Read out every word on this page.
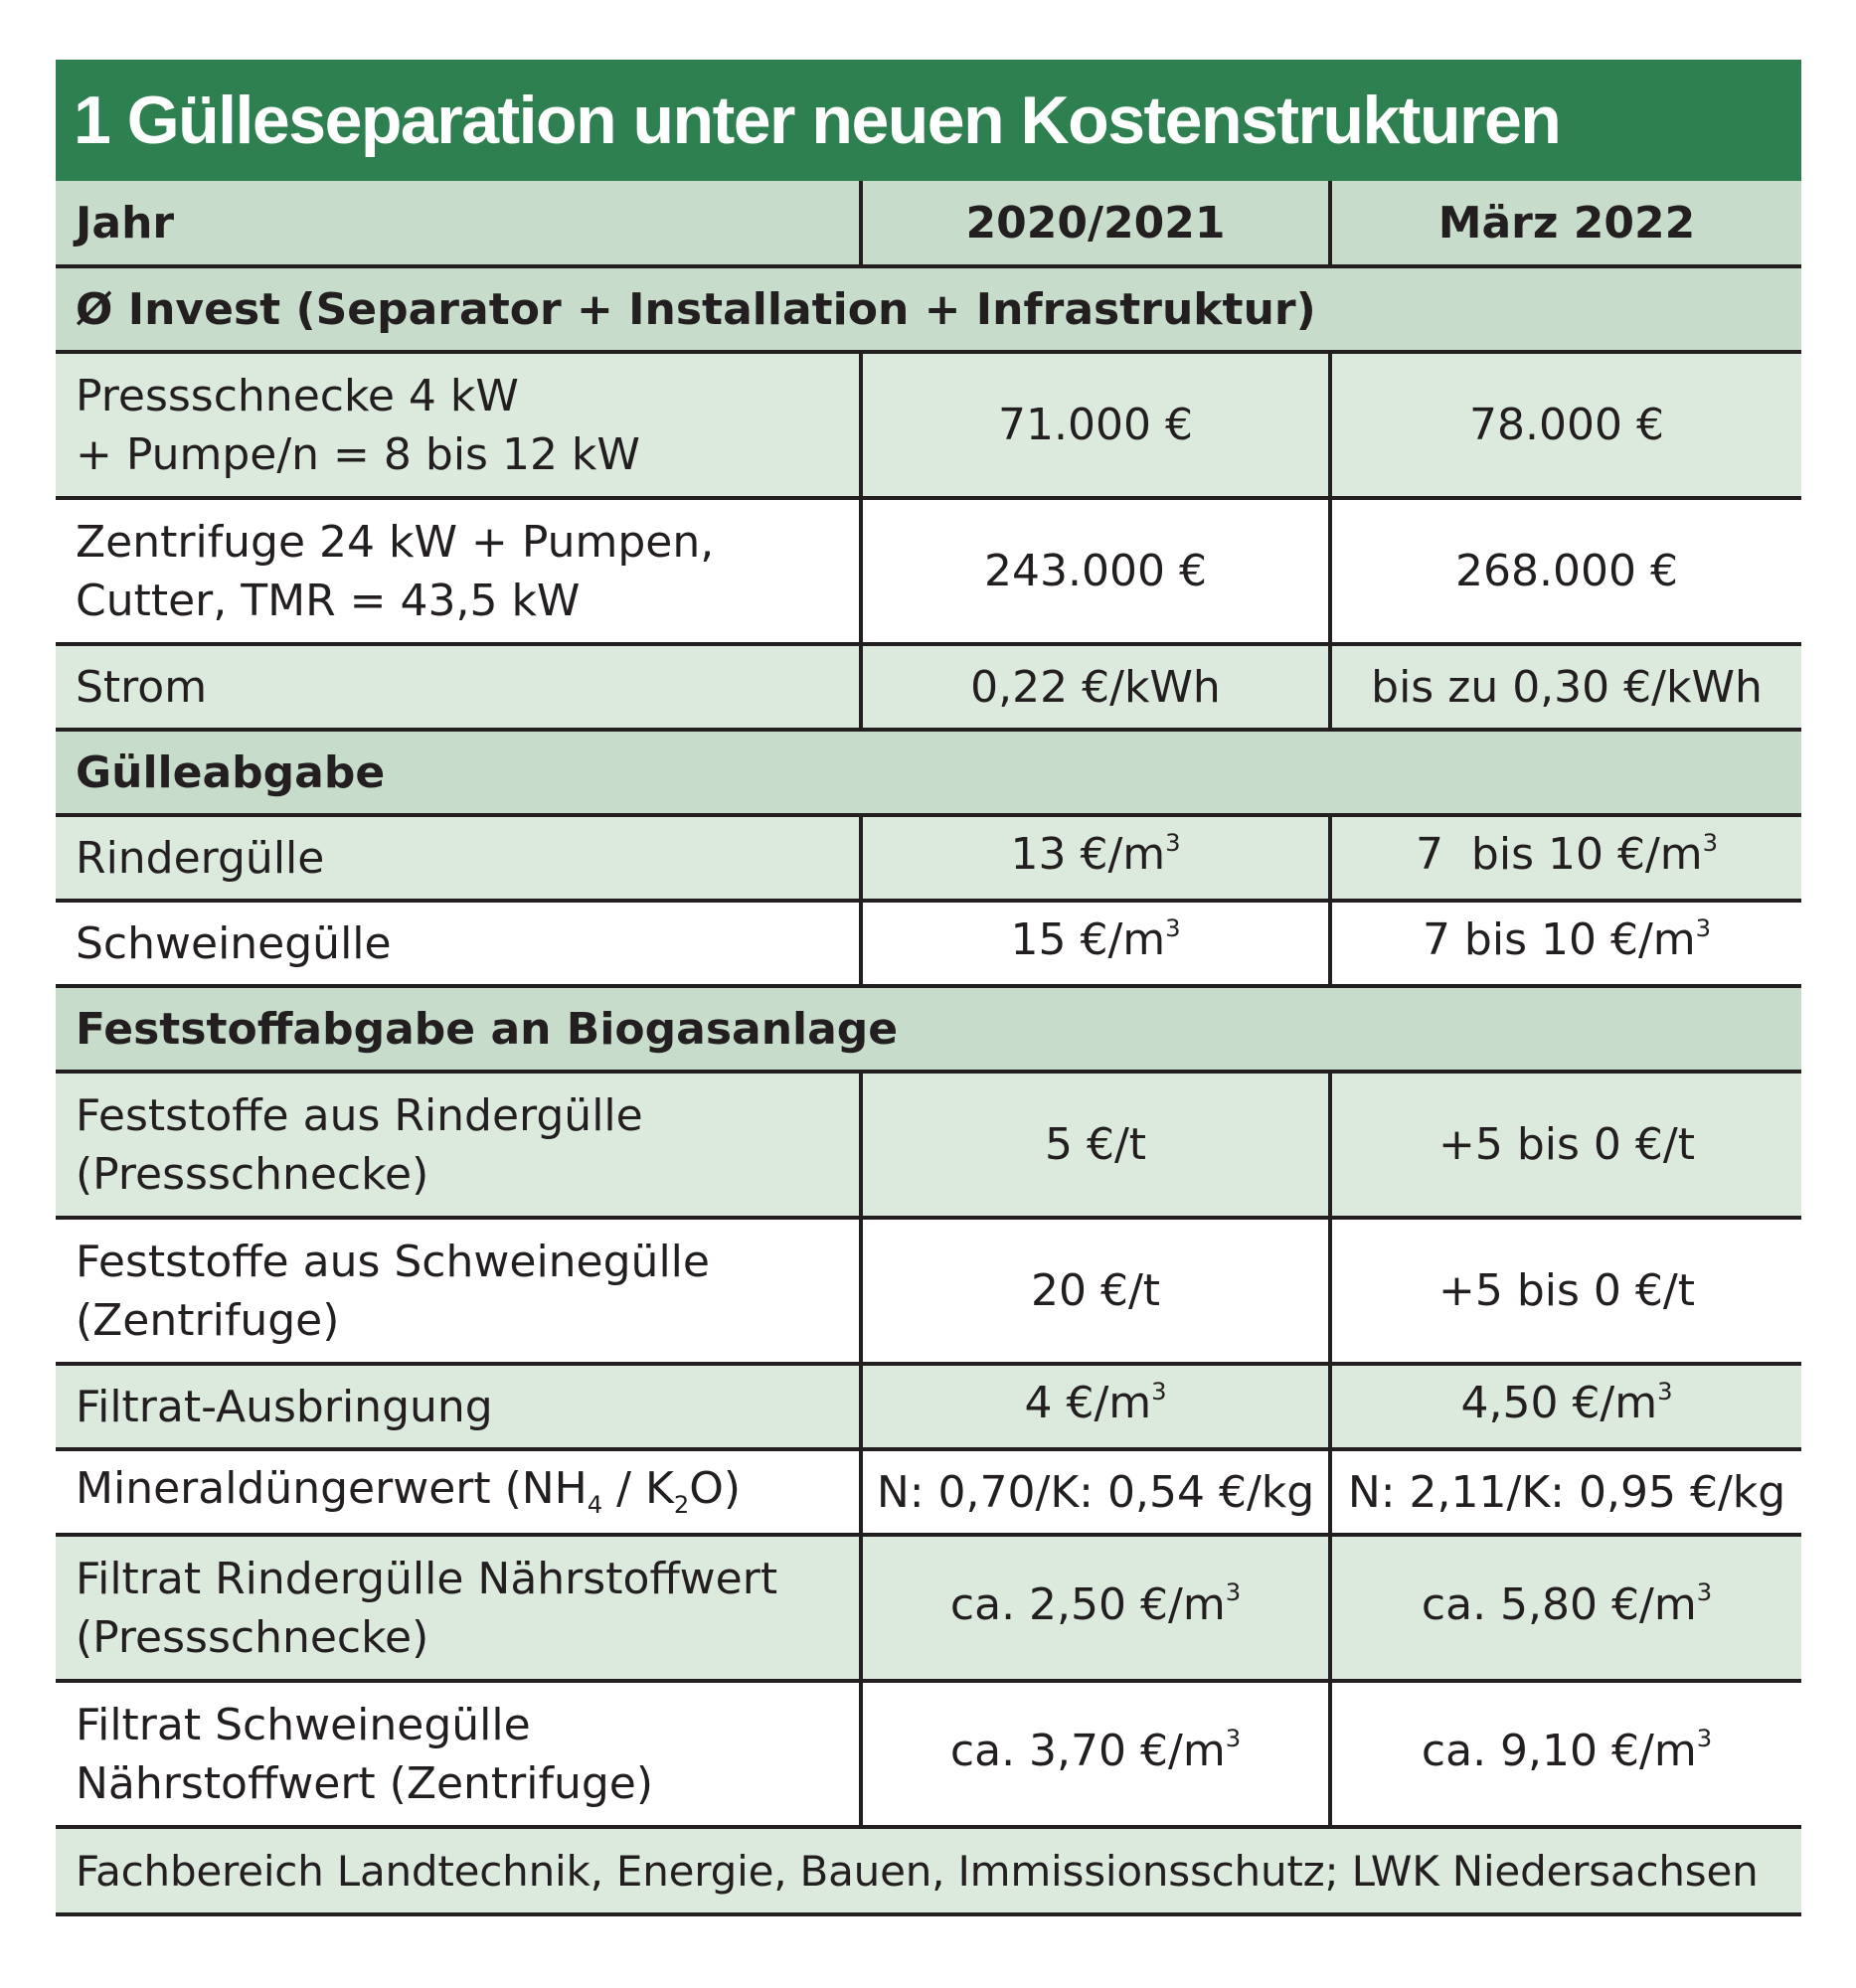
1 Gülleseparation unter neuen Kostenstrukturen
Jahr	2020/2021	März 2022
Ø Invest (Separator + Installation + Infrastruktur)		

Pressschnecke 4 kW
+ Pumpe/n = 8 bis 12 kW	71.000 €	78.000 €

Zentrifuge 24 kW + Pumpen,
Cutter, TMR = 43,5 kW	243.000 €	268.000 €
Strom	0,22 €/kWh	bis zu 0,30 €/kWh
Gülleabgabe		
Rindergülle	13 $€/m^3$	7  bis 10 $€/m^3$
Schweinegülle	15 $€/m^3$	7 bis 10 $€/m^3$
Feststoffabgabe an Biogasanlage		

Feststoffe aus Rindergülle
(Pressschnecke)	5 €/t	+5 bis 0 €/t

Feststoffe aus Schweinegülle
(Zentrifuge)	20 €/t	+5 bis 0 €/t
Filtrat-Ausbringung	4 $€/m^3$	4,50 $€/m^3$
Mineraldüngerwert $(NH_4 / K_2O)$	N: 0,70/K: 0,54 €/kg	N: 2,11/K: 0,95 €/kg

Filtrat Rindergülle Nährstoffwert
(Pressschnecke)	ca. 2,50 $€/m^3$	ca. 5,80 $€/m^3$

Filtrat Schweinegülle
Nährstoffwert (Zentrifuge)	ca. 3,70 $€/m^3$	ca. 9,10 $€/m^3$
Fachbereich Landtechnik, Energie, Bauen, Immissionsschutz; LWK Niedersachsen		
